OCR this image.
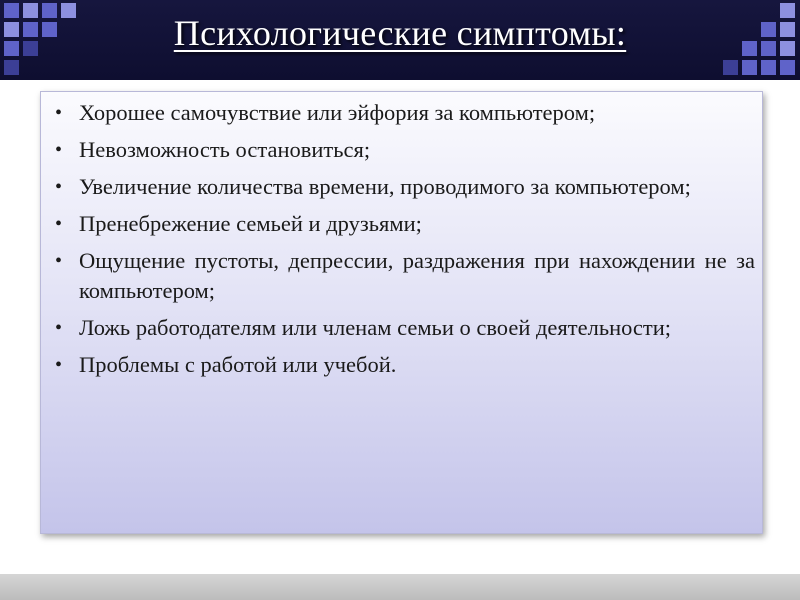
Психологические симптомы:
• Хорошее самочувствие или эйфория за компьютером;
• Невозможность остановиться;
• Увеличение количества времени, проводимого за компьютером;
• Пренебрежение семьей и друзьями;
• Ощущение пустоты, депрессии, раздражения при нахождении не за компьютером;
• Ложь работодателям или членам семьи о своей деятельности;
• Проблемы с работой или учебой.
